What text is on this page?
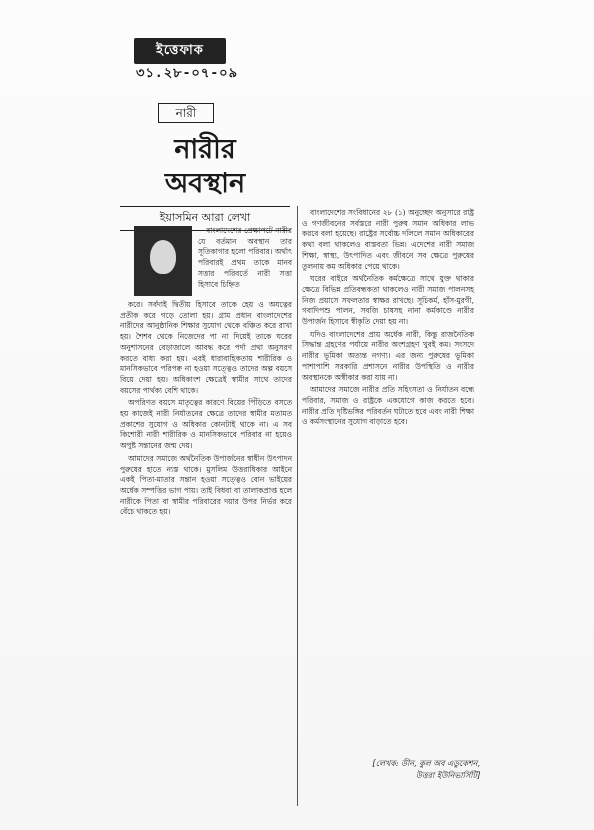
ইত্তেফাক
৩১.২৮-০৭-০৯
নারী
নারীর
অবস্থান
ইয়াসমিন আরা লেখা

বাংলাদেশের প্রেক্ষাপটে নারীর যে বর্তমান অবস্থান তার সূতিকাগার হলো পরিবার। অর্থাৎ পরিবারই প্রথম তাকে মানব সত্তার পরিবর্তে নারী সত্তা হিসাবে চিহ্নিত

করে। সর্বদাই দ্বিতীয় হিসাবে তাকে হেয় ও অযত্নের প্রতীক করে গড়ে তোলা হয়। গ্রাম প্রধান বাংলাদেশের নারীদের আনুষ্ঠানিক শিক্ষার সুযোগ থেকে বঞ্চিত করে রাখা হয়। শৈশব থেকে নিজেদের পা না দিয়েই তাকে ঘরের অনুশাসনের বেড়াজালে আবদ্ধ করে পর্দা প্রথা অনুসরণ করতে বাধ্য করা হয়। এরই ধারাবাহিকতায় শারীরিক ও মানসিকভাবে পরিপক্ব না হওয়া সত্ত্বেও তাদের অল্প বয়সে বিয়ে দেয়া হয়। অধিকাংশ ক্ষেত্রেই স্বামীর সাথে তাদের বয়সের পার্থক্য বেশি থাকে।

অপরিণত বয়সে মাতৃত্বের কারণে বিয়ের পিঁড়িতে বসতে হয় কাজেই নারী নির্যাতনের ক্ষেত্রে তাদের স্বামীর মতামত প্রকাশের সুযোগ ও অধিকার কোনটাই থাকে না। এ সব কিশোরী নারী শারীরিক ও মানসিকভাবে পরিবার না হয়েও অপুষ্ট সন্তানের জন্ম দেয়।

আমাদের সমাজে অর্থনৈতিক উপার্জনের স্বাধীন উৎপাদন পুরুষের হাতে ন্যস্ত থাকে। মুসলিম উত্তরাধিকার আইনে একই পিতা-মাতার সন্তান হওয়া সত্ত্বেও বোন ভাইয়ের অর্ধেক সম্পত্তির ভাগ পায়। তাই বিধবা বা তালাকপ্রাপ্ত হলে নারীকে পিতা বা স্বামীর পরিবারের দয়ার উপর নির্ভর করে বেঁচে থাকতে হয়।

বাংলাদেশের সংবিধানের ২৮ (১) অনুচ্ছেদ অনুসারে রাষ্ট্র ও গণজীবনের সর্বস্তরে নারী পুরুষ সমান অধিকার লাভ করবে বলা হয়েছে। রাষ্ট্রের সর্বোচ্চ দলিলে সমান অধিকারের কথা বলা থাকলেও বাস্তবতা ভিন্ন। এদেশের নারী সমাজ শিক্ষা, স্বাস্থ্য, উৎপাদিত এবং জীবনে সব ক্ষেত্রে পুরুষের তুলনায় কম অধিকার পেয়ে থাকে।

ঘরের বাইরে অর্থনৈতিক কর্মক্ষেত্রে সাথে যুক্ত থাকার ক্ষেত্রে বিভিন্ন প্রতিবন্ধকতা থাকলেও নারী সমাজ পালনসহ নিজ প্রয়াসে সফলতার স্বাক্ষর রাখছে। সূচিকর্ম, হাঁস-মুরগী, গবাদিপশু পালন, সবজি চাষসহ নানা কর্মকাণ্ডে নারীর উপার্জন হিসাবে স্বীকৃতি দেয়া হয় না।

যদিও বাংলাদেশের প্রায় অর্ধেক নারী, কিন্তু রাজনৈতিক সিদ্ধান্ত গ্রহণের পর্যায়ে নারীর অংশগ্রহণ খুবই কম। সংসদে নারীর ভূমিকা অত্যন্ত নগণ্য। এর জন্য পুরুষের ভূমিকা পাশাপাশি সরকারি প্রশাসনে নারীর উপস্থিতি ও নারীর অবস্থানকে অস্বীকার করা যায় না।

আমাদের সমাজে নারীর প্রতি সহিংসতা ও নির্যাতন বন্ধে পরিবার, সমাজ ও রাষ্ট্রকে একযোগে কাজ করতে হবে। নারীর প্রতি দৃষ্টিভঙ্গির পরিবর্তন ঘটাতে হবে এবং নারী শিক্ষা ও কর্মসংস্থানের সুযোগ বাড়াতে হবে।

[লেখক: ডীন, কুল অব এডুকেশন,
উত্তরা ইউনিভার্সিটি]
